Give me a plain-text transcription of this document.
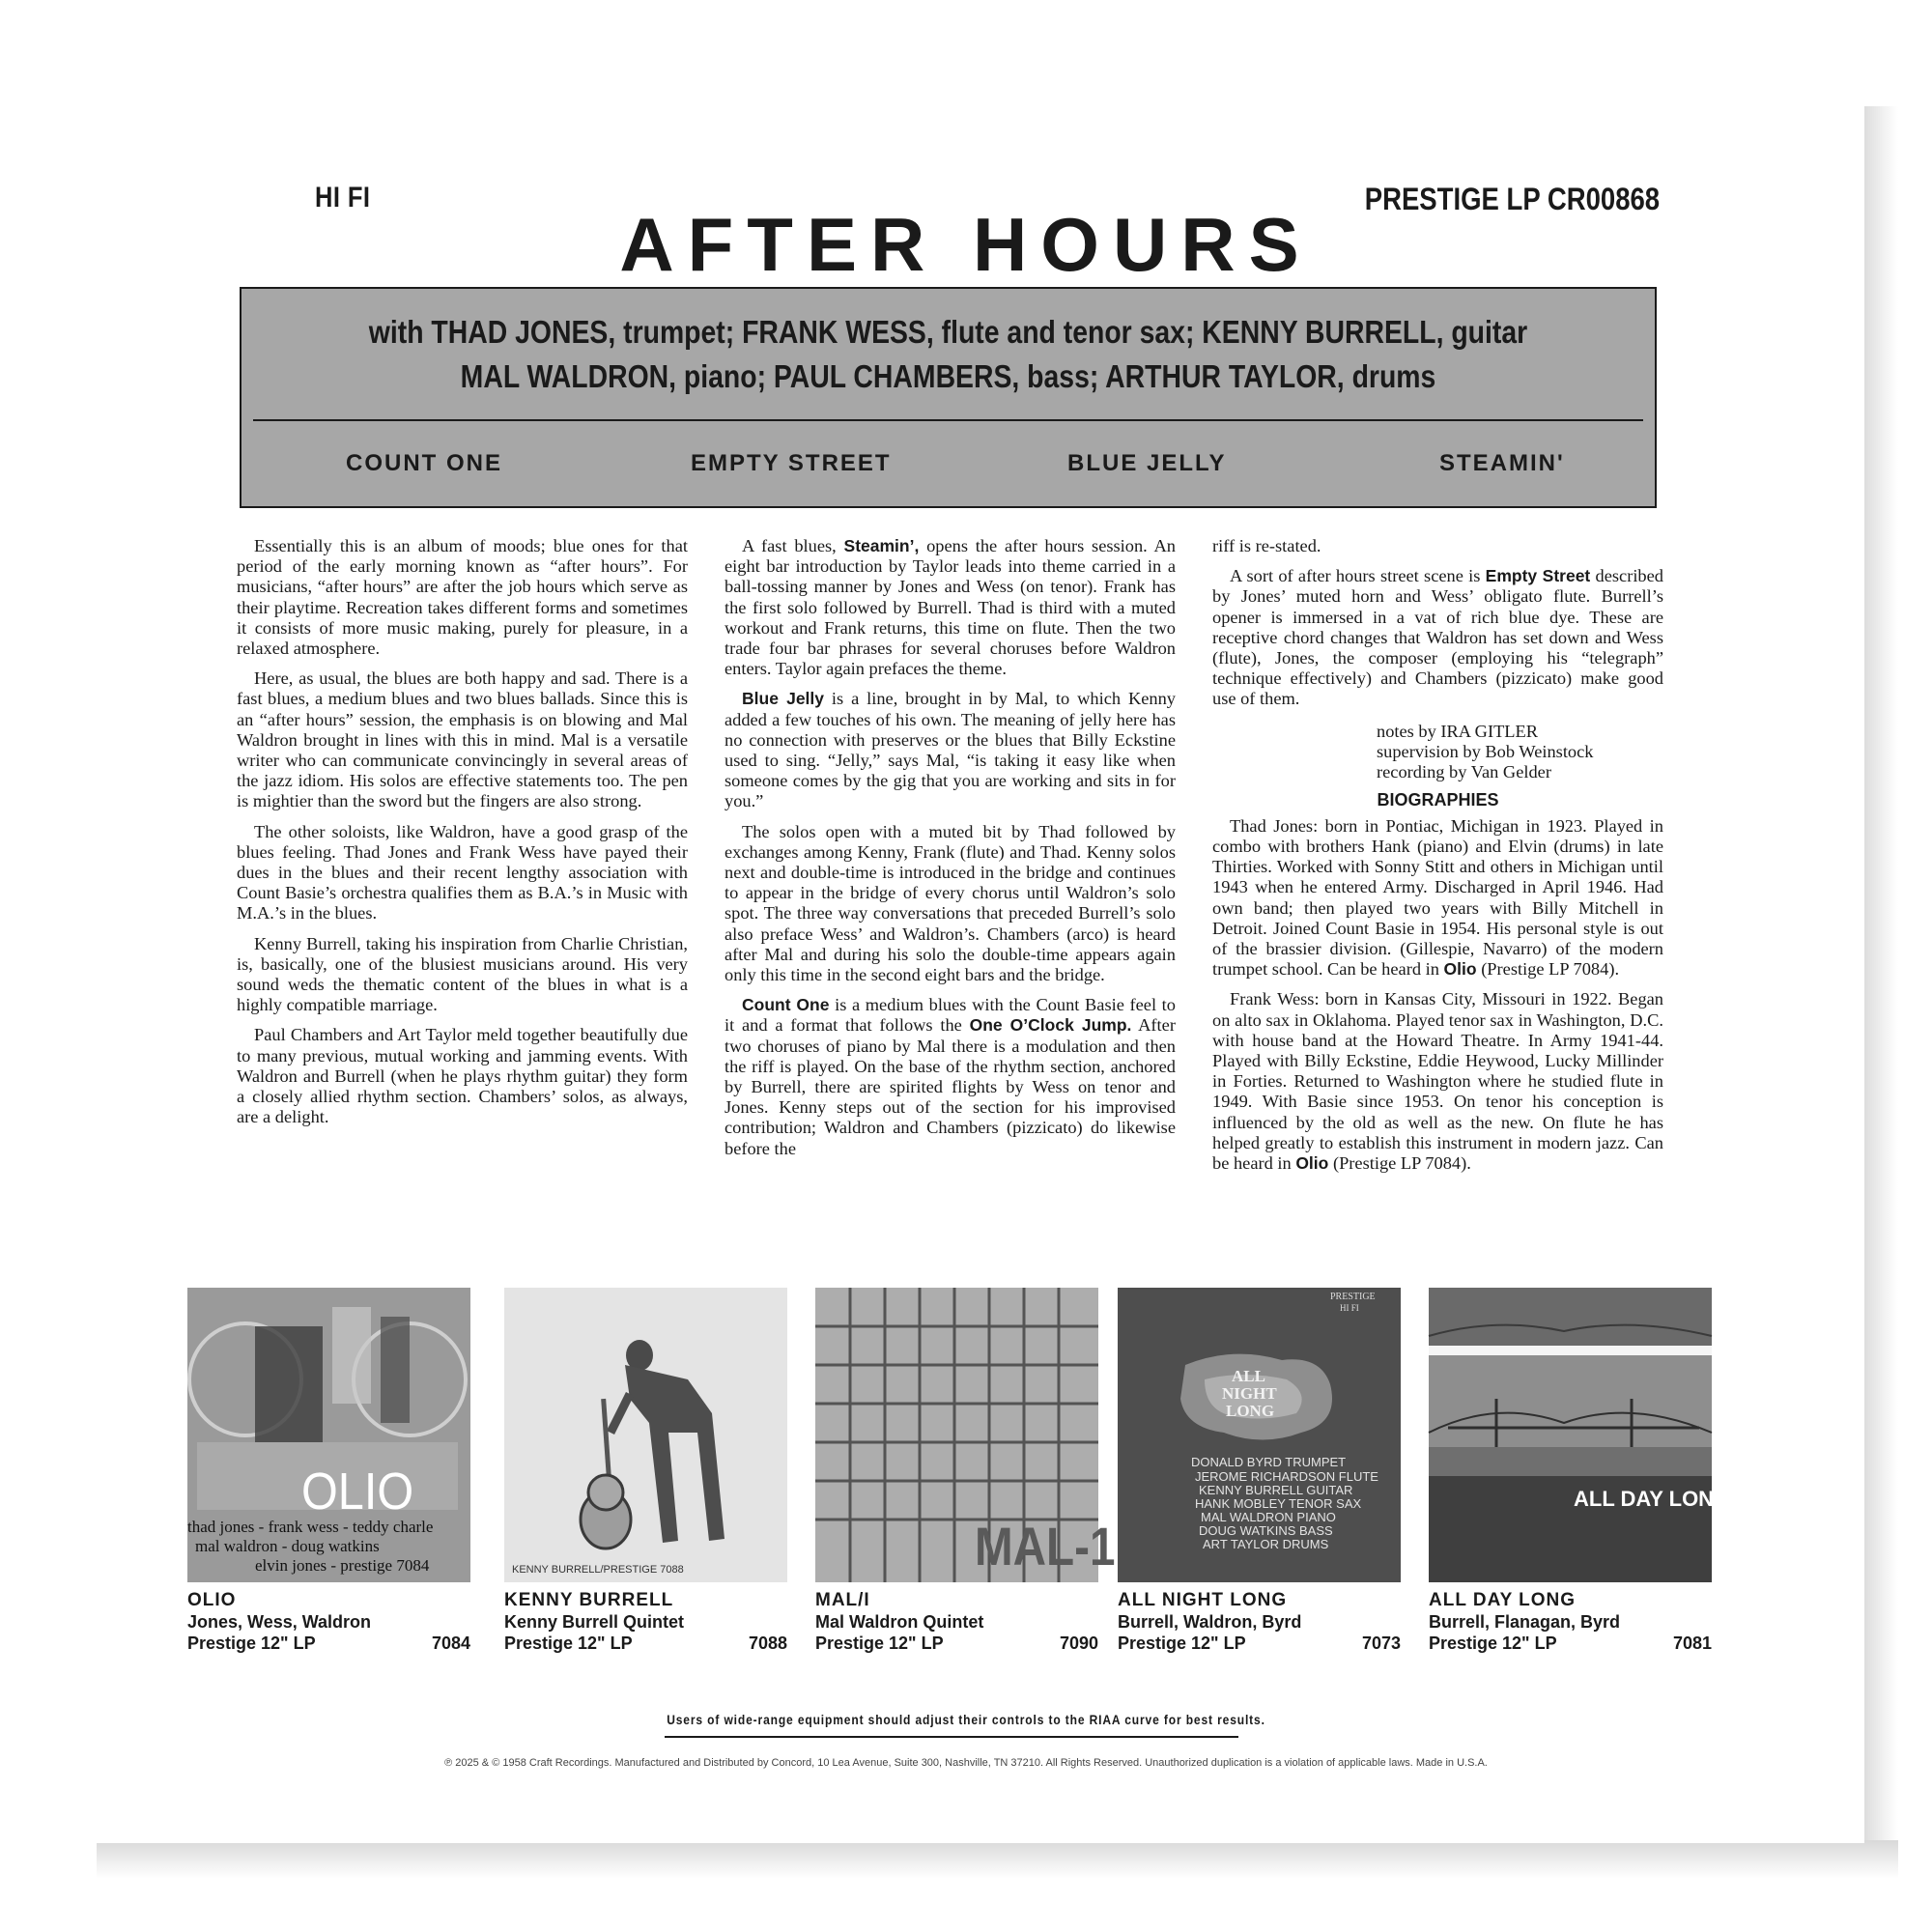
HI FI	PRESTIGE LP CR00868
AFTER HOURS
with THAD JONES, trumpet; FRANK WESS, flute and tenor sax; KENNY BURRELL, guitar
MAL WALDRON, piano; PAUL CHAMBERS, bass; ARTHUR TAYLOR, drums
COUNT ONE	EMPTY STREET	BLUE JELLY	STEAMIN'

Essentially this is an album of moods; blue ones for that period of the early morning known as “after hours”. For musicians, “after hours” are after the job hours which serve as their playtime. Recreation takes different forms and sometimes it consists of more music making, purely for pleasure, in a relaxed atmosphere.

Here, as usual, the blues are both happy and sad. There is a fast blues, a medium blues and two blues ballads. Since this is an “after hours” session, the emphasis is on blowing and Mal Waldron brought in lines with this in mind. Mal is a versatile writer who can communicate convincingly in several areas of the jazz idiom. His solos are effective statements too. The pen is mightier than the sword but the fingers are also strong.

The other soloists, like Waldron, have a good grasp of the blues feeling. Thad Jones and Frank Wess have payed their dues in the blues and their recent lengthy association with Count Basie’s orchestra qualifies them as B.A.’s in Music with M.A.’s in the blues.

Kenny Burrell, taking his inspiration from Charlie Christian, is, basically, one of the blusiest musicians around. His very sound weds the thematic content of the blues in what is a highly compatible marriage.

Paul Chambers and Art Taylor meld together beautifully due to many previous, mutual working and jamming events. With Waldron and Burrell (when he plays rhythm guitar) they form a closely allied rhythm section. Chambers’ solos, as always, are a delight.

A fast blues, Steamin’, opens the after hours session. An eight bar introduction by Taylor leads into theme carried in a ball-tossing manner by Jones and Wess (on tenor). Frank has the first solo followed by Burrell. Thad is third with a muted workout and Frank returns, this time on flute. Then the two trade four bar phrases for several choruses before Waldron enters. Taylor again prefaces the theme.

Blue Jelly is a line, brought in by Mal, to which Kenny added a few touches of his own. The meaning of jelly here has no connection with preserves or the blues that Billy Eckstine used to sing. “Jelly,” says Mal, “is taking it easy like when someone comes by the gig that you are working and sits in for you.”

The solos open with a muted bit by Thad followed by exchanges among Kenny, Frank (flute) and Thad. Kenny solos next and double-time is introduced in the bridge and continues to appear in the bridge of every chorus until Waldron’s solo spot. The three way conversations that preceded Burrell’s solo also preface Wess’ and Waldron’s. Chambers (arco) is heard after Mal and during his solo the double-time appears again only this time in the second eight bars and the bridge.

Count One is a medium blues with the Count Basie feel to it and a format that follows the One O’Clock Jump. After two choruses of piano by Mal there is a modulation and then the riff is played. On the base of the rhythm section, anchored by Burrell, there are spirited flights by Wess on tenor and Jones. Kenny steps out of the section for his improvised contribution; Waldron and Chambers (pizzicato) do likewise before the

riff is re-stated.

A sort of after hours street scene is Empty Street described by Jones’ muted horn and Wess’ obligato flute. Burrell’s opener is immersed in a vat of rich blue dye. These are receptive chord changes that Waldron has set down and Wess (flute), Jones, the composer (employing his “telegraph” technique effectively) and Chambers (pizzicato) make good use of them.

notes by IRA GITLER
supervision by Bob Weinstock
recording by Van Gelder
BIOGRAPHIES

Thad Jones: born in Pontiac, Michigan in 1923. Played in combo with brothers Hank (piano) and Elvin (drums) in late Thirties. Worked with Sonny Stitt and others in Michigan until 1943 when he entered Army. Discharged in April 1946. Had own band; then played two years with Billy Mitchell in Detroit. Joined Count Basie in 1954. His personal style is out of the brassier division. (Gillespie, Navarro) of the modern trumpet school. Can be heard in Olio (Prestige LP 7084).

Frank Wess: born in Kansas City, Missouri in 1922. Began on alto sax in Oklahoma. Played tenor sax in Washington, D.C. with house band at the Howard Theatre. In Army 1941-44. Played with Billy Eckstine, Eddie Heywood, Lucky Millinder in Forties. Returned to Washington where he studied flute in 1949. With Basie since 1953. On tenor his conception is influenced by the old as well as the new. On flute he has helped greatly to establish this instrument in modern jazz. Can be heard in Olio (Prestige LP 7084).

OLIO
thad jones - frank wess - teddy charle
mal waldron - doug watkins
elvin jones - prestige 7084
OLIO
Jones, Wess, Waldron
Prestige 12" LP	7084
KENNY BURRELL/PRESTIGE 7088
KENNY BURRELL
Kenny Burrell Quintet
Prestige 12" LP	7088
MAL-1
MAL/I
Mal Waldron Quintet
Prestige 12" LP	7090
PRESTIGE
HI FI
ALL
NIGHT
LONG
DONALD BYRD TRUMPET
JEROME RICHARDSON FLUTE
KENNY BURRELL GUITAR
HANK MOBLEY TENOR SAX
MAL WALDRON PIANO
DOUG WATKINS BASS
ART TAYLOR DRUMS
ALL NIGHT LONG
Burrell, Waldron, Byrd
Prestige 12" LP	7073
ALL DAY LONG
ALL DAY LONG
Burrell, Flanagan, Byrd
Prestige 12" LP	7081
Users of wide-range equipment should adjust their controls to the RIAA curve for best results.
℗ 2025 & © 1958 Craft Recordings. Manufactured and Distributed by Concord, 10 Lea Avenue, Suite 300, Nashville, TN 37210. All Rights Reserved. Unauthorized duplication is a violation of applicable laws. Made in U.S.A.
